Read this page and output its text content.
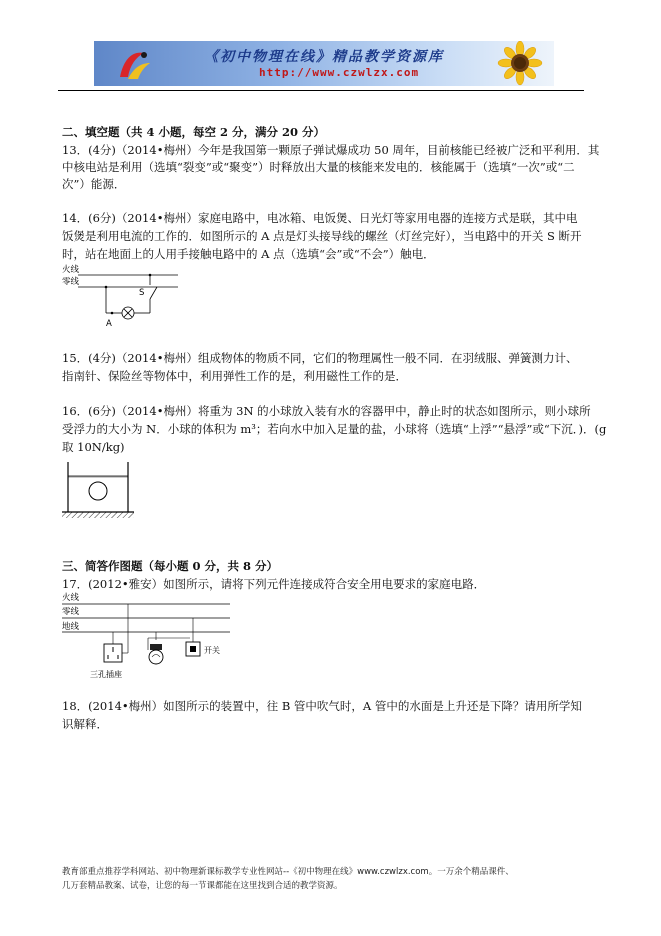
《初中物理在线》精品教学资源库
http://www.czwlzx.com
二、填空题（共 4 小题，每空 2 分，满分 20 分）
13．(4分)（2014•梅州）今年是我国第一颗原子弹试爆成功 50 周年，目前核能已经被广泛和平利用．其
中核电站是利用（选填“裂变”或“聚变”）时释放出大量的核能来发电的．核能属于（选填“一次”或“二
次”）能源．
14．(6分)（2014•梅州）家庭电路中，电冰箱、电饭煲、日光灯等家用电器的连接方式是联，其中电
饭煲是利用电流的工作的．如图所示的 A 点是灯头接导线的螺丝（灯丝完好），当电路中的开关 S 断开
时，站在地面上的人用手接触电路中的 A 点（选填“会”或“不会”）触电．
火线
零线
S
A
15．(4分)（2014•梅州）组成物体的物质不同，它们的物理属性一般不同．在羽绒服、弹簧测力计、
指南针、保险丝等物体中，利用弹性工作的是，利用磁性工作的是．
16．(6分)（2014•梅州）将重为 3N 的小球放入装有水的容器甲中，静止时的状态如图所示，则小球所
受浮力的大小为 N．小球的体积为 m³；若向水中加入足量的盐，小球将（选填“上浮”“悬浮”或“下沉．)．(g
取 10N/kg)
三、简答作图题（每小题 0 分，共 8 分）
17．(2012•雅安）如图所示，请将下列元件连接成符合安全用电要求的家庭电路．
火线
零线
地线
三孔插座
开关
18．(2014•梅州）如图所示的装置中，往 B 管中吹气时，A 管中的水面是上升还是下降？请用所学知
识解释．
教育部重点推荐学科网站、初中物理新课标教学专业性网站--《初中物理在线》www.czwlzx.com。一万余个精品课件、
几万套精品教案、试卷，让您的每一节课都能在这里找到合适的教学资源。
